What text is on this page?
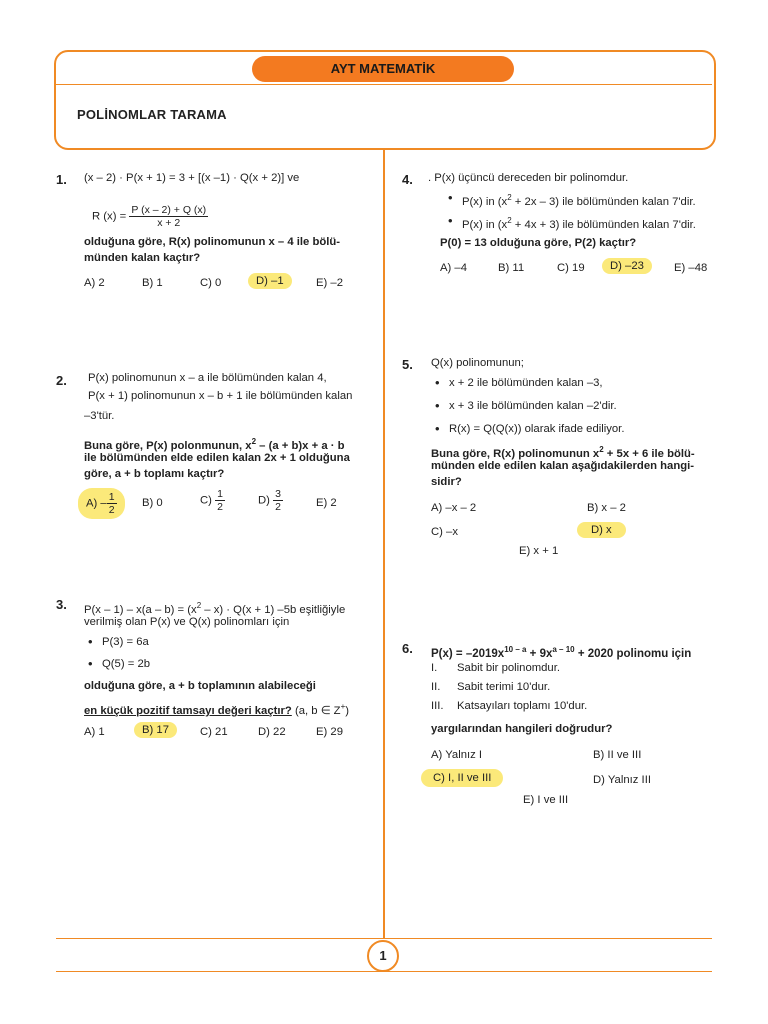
AYT MATEMATİK
POLİNOMLAR TARAMA
1. (x – 2) · P(x + 1) = 3 + [(x –1) · Q(x + 2)] ve
R $(x) = \frac{P (x - 2) + Q (x)}{x + 2}$
olduğuna göre, R(x) polinomunun x – 4 ile bölü-
münden kalan kaçtır?
A) 2	B) 1	C) 0	D) –1	E) –2
2. P(x) polinomunun x – a ile bölümünden kalan 4,
P(x + 1) polinomunun x – b + 1 ile bölümünden kalan
–3'tür.
Buna göre, P(x) polonmunun, $x^2 - (a + b)x + a \cdot b$
ile bölümünden elde edilen kalan 2x + 1 olduğuna
göre, a + b toplamı kaçtır?
$A) - \frac{1}{2} B$) 0	$C) \frac{1}{2}$	$D) \frac{3}{2}$	E) 2
3. $P(x - 1) - x(a - b) = (x^2 - x) \cdot Q(x + 1)$ –5b eşitliğiyle
verilmiş olan P(x) ve Q(x) polinomları için
• P(3) = 6a
• Q(5) = 2b
olduğuna göre, a + b toplamının alabileceği
en küçük pozitif tamsayı değeri kaçtır? (a, b ∈ Z+)
A) 1	B) 17	C) 21	D) 22	E) 29
4. . P(x) üçüncü dereceden bir polinomdur.
• P(x) in $(x^2 + 2x - 3)$ ile bölümünden kalan 7'dir.
• P(x) in $(x^2 + 4x + 3)$ ile bölümünden kalan 7'dir.
P(0) = 13 olduğuna göre, P(2) kaçtır?
A) –4	B) 11	C) 19	D) –23	E) –48
5. Q(x) polinomunun;
• x + 2 ile bölümünden kalan –3,
• x + 3 ile bölümünden kalan –2'dir.
• R(x) = Q(Q(x)) olarak ifade ediliyor.
Buna göre, R(x) polinomunun $x^2 + 5x + 6$ ile bölü-
münden elde edilen kalan aşağıdakilerden hangi-
sidir?
A) –x – 2	B) x – 2
C) –x	D) x
E) x + 1
6. $P(x) = -2019x^{10 - a} + 9x^{a - 10} + 2020$ polinomu için
I. Sabit bir polinomdur.
II. Sabit terimi 10'dur.
III. Katsayıları toplamı 10'dur.
yargılarından hangileri doğrudur?
A) Yalnız I	B) II ve III
C) I, II ve III	D) Yalnız III
E) I ve III
1
